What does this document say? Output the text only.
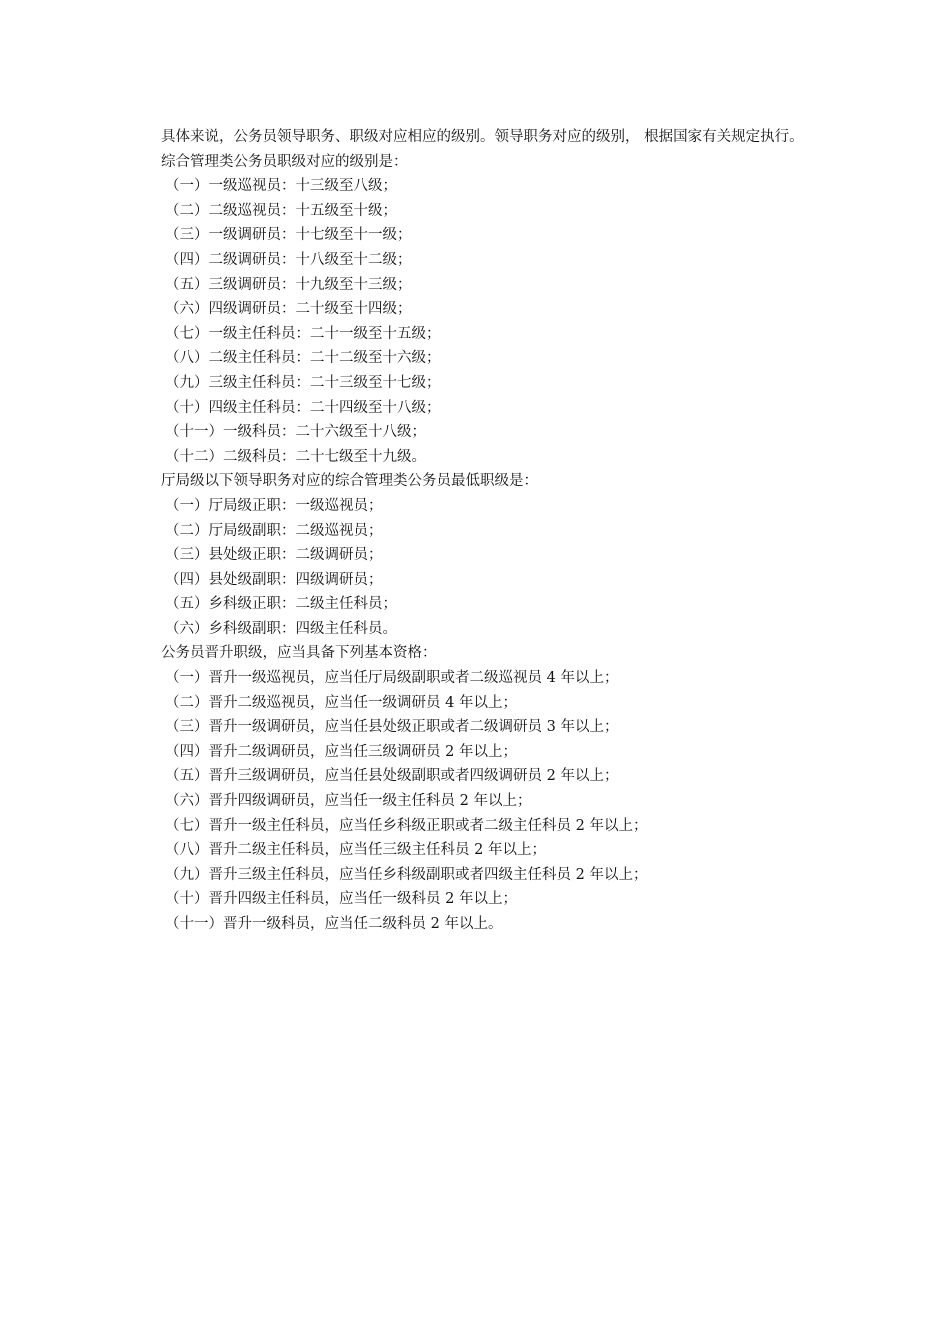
具体来说，公务员领导职务、职级对应相应的级别。领导职务对应的级别， 根据国家有关规定执行。

综合管理类公务员职级对应的级别是：

（一）一级巡视员：十三级至八级；

（二）二级巡视员：十五级至十级；

（三）一级调研员：十七级至十一级；

（四）二级调研员：十八级至十二级；

（五）三级调研员：十九级至十三级；

（六）四级调研员：二十级至十四级；

（七）一级主任科员：二十一级至十五级；

（八）二级主任科员：二十二级至十六级；

（九）三级主任科员：二十三级至十七级；

（十）四级主任科员：二十四级至十八级；

（十一）一级科员：二十六级至十八级；

（十二）二级科员：二十七级至十九级。

厅局级以下领导职务对应的综合管理类公务员最低职级是：

（一）厅局级正职：一级巡视员；

（二）厅局级副职：二级巡视员；

（三）县处级正职：二级调研员；

（四）县处级副职：四级调研员；

（五）乡科级正职：二级主任科员；

（六）乡科级副职：四级主任科员。

公务员晋升职级，应当具备下列基本资格：

（一）晋升一级巡视员，应当任厅局级副职或者二级巡视员 4 年以上；

（二）晋升二级巡视员，应当任一级调研员 4 年以上；

（三）晋升一级调研员，应当任县处级正职或者二级调研员 3 年以上；

（四）晋升二级调研员，应当任三级调研员 2 年以上；

（五）晋升三级调研员，应当任县处级副职或者四级调研员 2 年以上；

（六）晋升四级调研员，应当任一级主任科员 2 年以上；

（七）晋升一级主任科员，应当任乡科级正职或者二级主任科员 2 年以上；

（八）晋升二级主任科员，应当任三级主任科员 2 年以上；

（九）晋升三级主任科员，应当任乡科级副职或者四级主任科员 2 年以上；

（十）晋升四级主任科员，应当任一级科员 2 年以上；

（十一）晋升一级科员，应当任二级科员 2 年以上。
